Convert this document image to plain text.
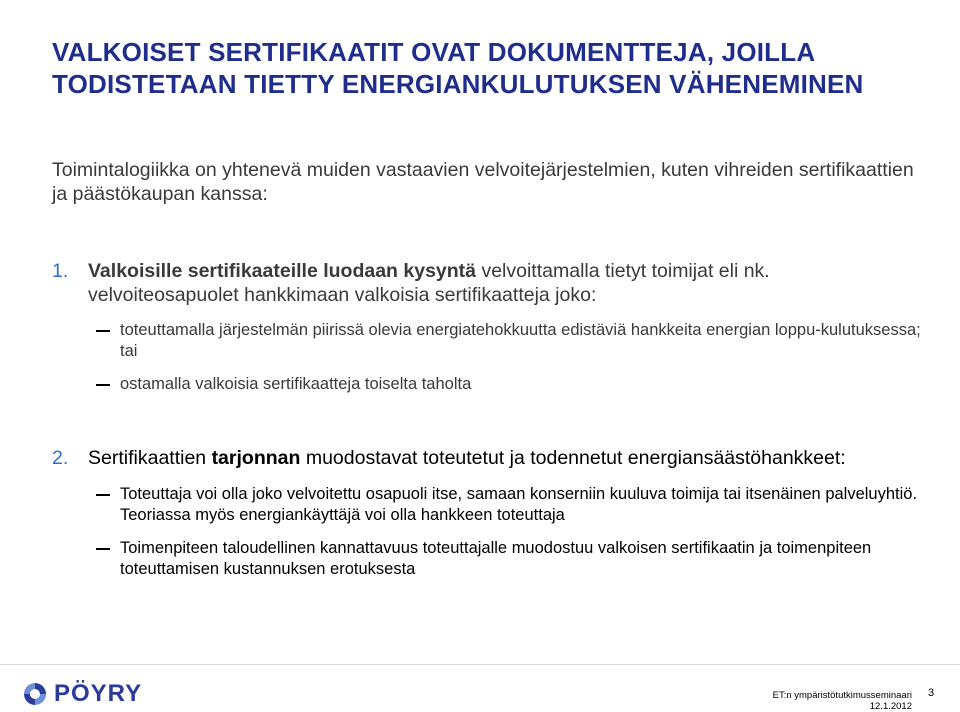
VALKOISET SERTIFIKAATIT OVAT DOKUMENTTEJA, JOILLA
TODISTETAAN TIETTY ENERGIANKULUTUKSEN VÄHENEMINEN
Toimintalogiikka on yhtenevä muiden vastaavien velvoitejärjestelmien, kuten vihreiden sertifikaattien ja päästökaupan kanssa:
1. Valkoisille sertifikaateille luodaan kysyntä velvoittamalla tietyt toimijat eli nk.
velvoiteosapuolet hankkimaan valkoisia sertifikaatteja joko:
toteuttamalla järjestelmän piirissä olevia energiatehokkuutta edistäviä hankkeita energian loppu-kulutuksessa; tai
ostamalla valkoisia sertifikaatteja toiselta taholta
2. Sertifikaattien tarjonnan muodostavat toteutetut ja todennetut energiansäästöhankkeet:
Toteuttaja voi olla joko velvoitettu osapuoli itse, samaan konserniin kuuluva toimija tai itsenäinen palveluyhtiö. Teoriassa myös energiankäyttäjä voi olla hankkeen toteuttaja
Toimenpiteen taloudellinen kannattavuus toteuttajalle muodostuu valkoisen sertifikaatin ja toimenpiteen toteuttamisen kustannuksen erotuksesta
PÖYRY	ET:n ympäristötutkimusseminaari
12.1.2012
3
